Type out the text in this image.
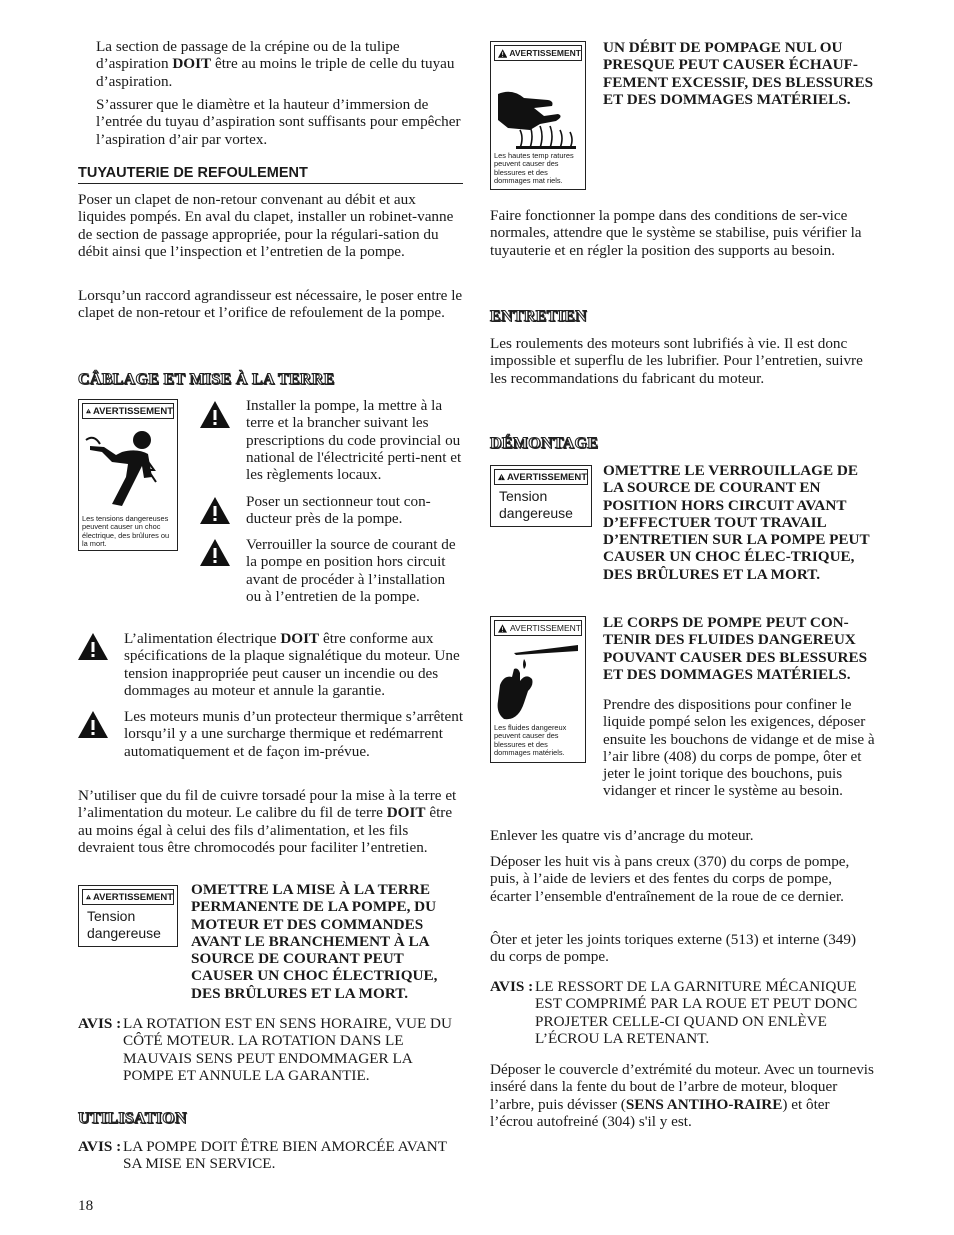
La section de passage de la crépine ou de la tulipe d’aspiration DOIT être au moins le triple de celle du tuyau d’aspiration.

S’assurer que le diamètre et la hauteur d’immersion de l’entrée du tuyau d’aspiration sont suffisants pour empêcher l’aspiration d’air par vortex.

TUYAUTERIE DE REFOULEMENT

Poser un clapet de non-retour convenant au débit et aux liquides pompés. En aval du clapet, installer un robinet-vanne de section de passage appropriée, pour la régulari-sation du débit ainsi que l’inspection et l’entretien de la pompe.

Lorsqu’un raccord agrandisseur est nécessaire, le poser entre le clapet de non-retour et l’orifice de refoulement de la pompe.

CÂBLAGE ET MISE À LA TERRE
AVERTISSEMENT
Les tensions dangereuses peuvent causer un choc électrique, des brûlures ou la mort.

Installer la pompe, la mettre à la terre et la brancher suivant les prescriptions du code provincial ou national de l'électricité perti-nent et les règlements locaux.

Poser un sectionneur tout con-ducteur près de la pompe.

Verrouiller la source de courant de la pompe en position hors circuit avant de procéder à l’installation ou à l’entretien de la pompe.

L’alimentation électrique DOIT être conforme aux spécifications de la plaque signalétique du moteur. Une tension inappropriée peut causer un incendie ou des dommages au moteur et annule la garantie.

Les moteurs munis d’un protecteur thermique s’arrêtent lorsqu’il y a une surcharge thermique et redémarrent automatiquement et de façon im-prévue.

N’utiliser que du fil de cuivre torsadé pour la mise à la terre et l’alimentation du moteur. Le calibre du fil de terre DOIT être au moins égal à celui des fils d’alimentation, et les fils devraient tous être chromocodés pour faciliter l’entretien.

AVERTISSEMENT
Tension dangereuse

OMETTRE LA MISE À LA TERRE PERMANENTE DE LA POMPE, DU MOTEUR ET DES COMMANDES AVANT LE BRANCHEMENT À LA SOURCE DE COURANT PEUT CAUSER UN CHOC ÉLECTRIQUE, DES BRÛLURES ET LA MORT.

AVIS : LA ROTATION EST EN SENS HORAIRE, VUE DU CÔTÉ MOTEUR. LA ROTATION DANS LE MAUVAIS SENS PEUT ENDOMMAGER LA POMPE ET ANNULE LA GARANTIE.
UTILISATION
AVIS : LA POMPE DOIT ÊTRE BIEN AMORCÉE AVANT SA MISE EN SERVICE.
18
AVERTISSEMENT
Les hautes temp ratures peuvent causer des blessures et des dommages mat riels.

UN DÉBIT DE POMPAGE NUL OU PRESQUE PEUT CAUSER ÉCHAUF-FEMENT EXCESSIF, DES BLESSURES ET DES DOMMAGES MATÉRIELS.

Faire fonctionner la pompe dans des conditions de ser-vice normales, attendre que le système se stabilise, puis vérifier la tuyauterie et en régler la position des supports au besoin.

ENTRETIEN

Les roulements des moteurs sont lubrifiés à vie. Il est donc impossible et superflu de les lubrifier. Pour l’entretien, suivre les recommandations du fabricant du moteur.

DÉMONTAGE
AVERTISSEMENT
Tension dangereuse

OMETTRE LE VERROUILLAGE DE LA SOURCE DE COURANT EN POSITION HORS CIRCUIT AVANT D’EFFECTUER TOUT TRAVAIL D’ENTRETIEN SUR LA POMPE PEUT CAUSER UN CHOC ÉLEC-TRIQUE, DES BRÛLURES ET LA MORT.

AVERTISSEMENT
Les fluides dangereux peuvent causer des blessures et des dommages matériels.

LE CORPS DE POMPE PEUT CON-TENIR DES FLUIDES DANGEREUX POUVANT CAUSER DES BLESSURES ET DES DOMMAGES MATÉRIELS.

Prendre des dispositions pour confiner le liquide pompé selon les exigences, déposer ensuite les bouchons de vidange et de mise à l’air libre (408) du corps de pompe, ôter et jeter le joint torique des bouchons, puis vidanger et rincer le système au besoin.

Enlever les quatre vis d’ancrage du moteur.

Déposer les huit vis à pans creux (370) du corps de pompe, puis, à l’aide de leviers et des fentes du corps de pompe, écarter l’ensemble d'entraînement de la roue de ce dernier.

Ôter et jeter les joints toriques externe (513) et interne (349) du corps de pompe.

AVIS : LE RESSORT DE LA GARNITURE MÉCANIQUE EST COMPRIMÉ PAR LA ROUE ET PEUT DONC PROJETER CELLE-CI QUAND ON ENLÈVE L’ÉCROU LA RETENANT.

Déposer le couvercle d’extrémité du moteur. Avec un tournevis inséré dans la fente du bout de l’arbre de moteur, bloquer l’arbre, puis dévisser (SENS ANTIHO-RAIRE) et ôter l’écrou autofreiné (304) s'il y est.
